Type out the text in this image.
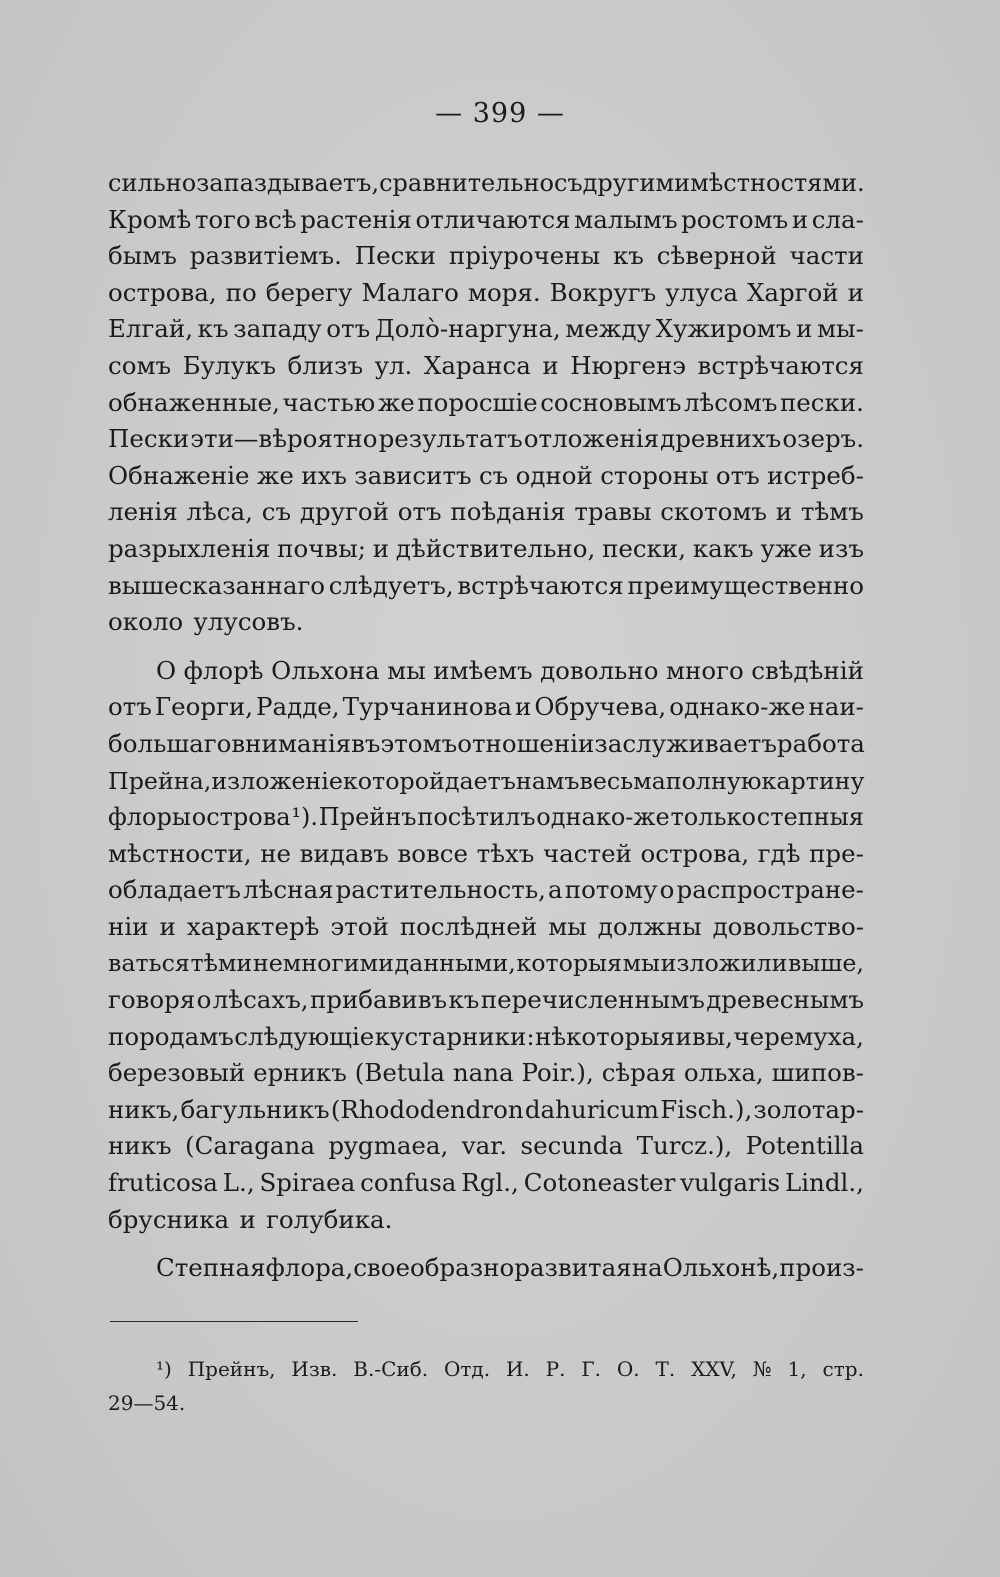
— 399 —
сильно запаздываетъ, сравнительно съ другими мѣстностями.
Кромѣ того всѣ растенія отличаются малымъ ростомъ и сла-
бымъ развитіемъ. Пески пріурочены къ сѣверной части
острова, по берегу Малаго моря. Вокругъ улуса Харгой и
Елгай, къ западу отъ Доло̀-наргуна, между Хужиромъ и мы-
сомъ Булукъ близъ ул. Харанса и Нюргенэ встрѣчаются
обнаженные, частью же поросшіе сосновымъ лѣсомъ пески.
Пески эти—вѣроятно результатъ отложенія древнихъ озеръ.
Обнаженіе же ихъ зависитъ съ одной стороны отъ истреб-
ленія лѣса, съ другой отъ поѣданія травы скотомъ и тѣмъ
разрыхленія почвы; и дѣйствительно, пески, какъ уже изъ
вышесказаннаго слѣдуетъ, встрѣчаются преимущественно
около улусовъ.
О флорѣ Ольхона мы имѣемъ довольно много свѣдѣній
отъ Георги, Радде, Турчанинова и Обручева, однако-же наи-
большаго вниманія въ этомъ отношеніи заслуживаетъ работа
Прейна, изложеніе которой даетъ намъ весьма полную картину
флоры острова ¹). Прейнъ посѣтилъ однако-же только степныя
мѣстности, не видавъ вовсе тѣхъ частей острова, гдѣ пре-
обладаетъ лѣсная растительность, а потому о распростране-
ніи и характерѣ этой послѣдней мы должны довольство-
ваться тѣми немногими данными, которыя мы изложили выше,
говоря о лѣсахъ, прибавивъ къ перечисленнымъ древеснымъ
породамъ слѣдующіе кустарники: нѣкоторыя ивы, черемуха,
березовый ерникъ (Betula nana Poir.), сѣрая ольха, шипов-
никъ, багульникъ (Rhododendron dahuricum Fisch.), золотар-
никъ (Caragana pygmaea, var. secunda Turcz.), Potentilla
fruticosa L., Spiraea confusa Rgl., Cotoneaster vulgaris Lindl.,
брусника и голубика.
Степная флора, своеобразно развитая на Ольхонѣ, произ-
¹) Прейнъ, Изв. В.-Сиб. Отд. И. Р. Г. О. Т. XXV, № 1, стр.
29—54.
